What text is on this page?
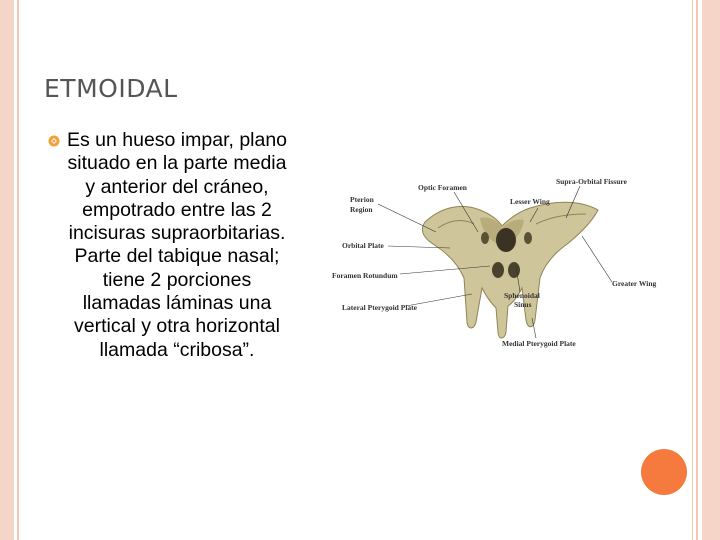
ETMOIDAL
Es un hueso impar, plano situado en la parte media y anterior del cráneo, empotrado entre las 2 incisuras supraorbitarias. Parte del tabique nasal; tiene 2 porciones llamadas láminas una vertical y otra horizontal llamada “cribosa”.
Optic Foramen
Supra-Orbital Fissure
Pterion
Region
Lesser Wing
Orbital Plate
Foramen Rotundum
Greater Wing
Lateral Pterygoid Plate
Sphenoidal
Sinus
Medial Pterygoid Plate
